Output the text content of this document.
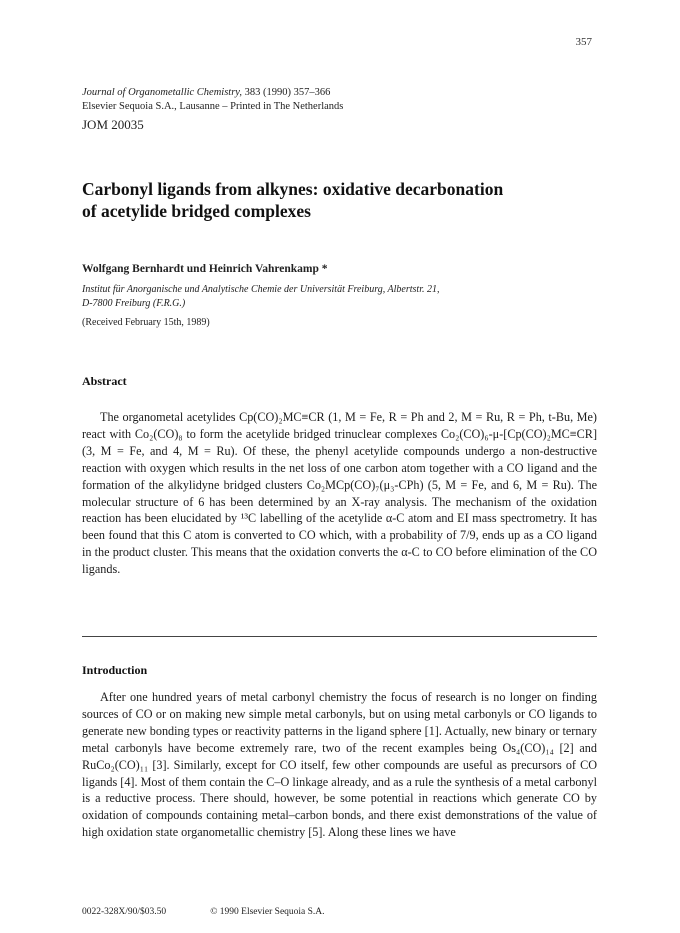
357
Journal of Organometallic Chemistry, 383 (1990) 357–366
Elsevier Sequoia S.A., Lausanne – Printed in The Netherlands
JOM 20035
Carbonyl ligands from alkynes: oxidative decarbonation
of acetylide bridged complexes
Wolfgang Bernhardt und Heinrich Vahrenkamp *
Institut für Anorganische und Analytische Chemie der Universität Freiburg, Albertstr. 21,
D-7800 Freiburg (F.R.G.)
(Received February 15th, 1989)
Abstract

The organometal acetylides Cp(CO)₂MC≡CR (1, M = Fe, R = Ph and 2, M = Ru, R = Ph, t-Bu, Me) react with Co₂(CO)₈ to form the acetylide bridged trinuclear complexes Co₂(CO)₆-μ-[Cp(CO)₂MC≡CR] (3, M = Fe, and 4, M = Ru). Of these, the phenyl acetylide compounds undergo a non-destructive reaction with oxygen which results in the net loss of one carbon atom together with a CO ligand and the formation of the alkylidyne bridged clusters Co₂MCp(CO)₇(μ₃-CPh) (5, M = Fe, and 6, M = Ru). The molecular structure of 6 has been determined by an X-ray analysis. The mechanism of the oxidation reaction has been elucidated by ¹³C labelling of the acetylide α-C atom and EI mass spectrometry. It has been found that this C atom is converted to CO which, with a probability of 7/9, ends up as a CO ligand in the product cluster. This means that the oxidation converts the α-C to CO before elimination of the CO ligands.

Introduction

After one hundred years of metal carbonyl chemistry the focus of research is no longer on finding sources of CO or on making new simple metal carbonyls, but on using metal carbonyls or CO ligands to generate new bonding types or reactivity patterns in the ligand sphere [1]. Actually, new binary or ternary metal carbonyls have become extremely rare, two of the recent examples being Os₄(CO)₁₄ [2] and RuCo₂(CO)₁₁ [3]. Similarly, except for CO itself, few other compounds are useful as precursors of CO ligands [4]. Most of them contain the C–O linkage already, and as a rule the synthesis of a metal carbonyl is a reductive process. There should, however, be some potential in reactions which generate CO by oxidation of compounds containing metal–carbon bonds, and there exist demonstrations of the value of high oxidation state organometallic chemistry [5]. Along these lines we have

0022-328X/90/$03.50	© 1990 Elsevier Sequoia S.A.
